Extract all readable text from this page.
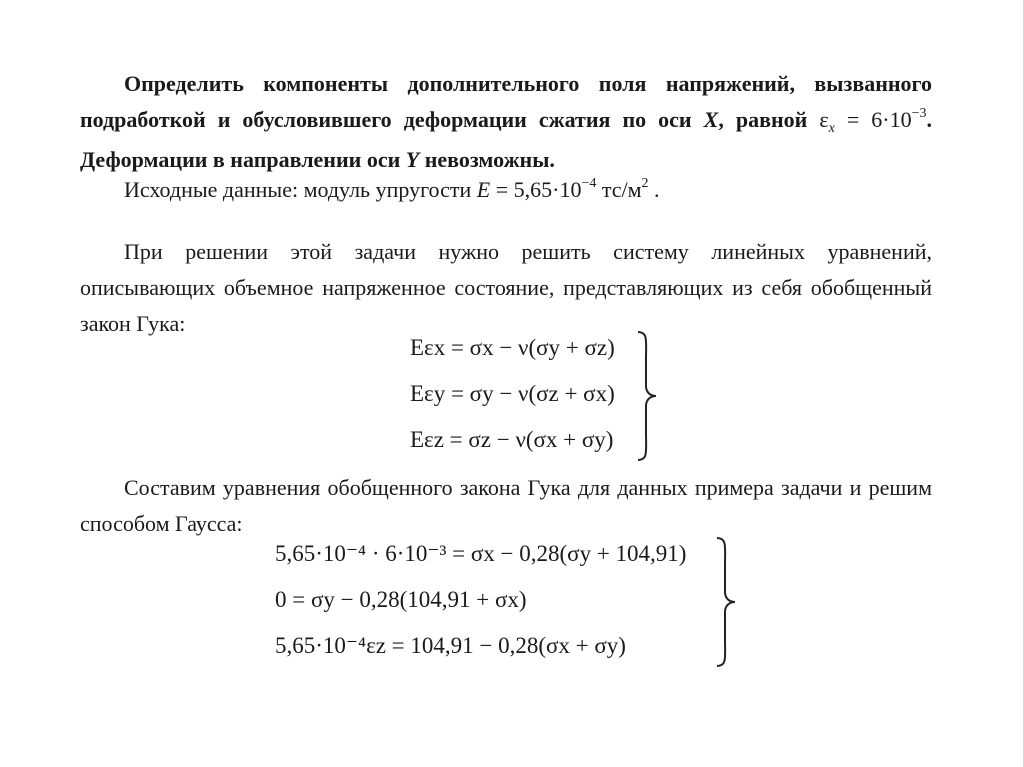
Определить компоненты дополнительного поля напряжений, вызванного подработкой и обусловившего деформации сжатия по оси X, равной $\varepsilon_x = 6\cdot 10^{-3}$. Деформации в направлении оси Y невозможны.
Исходные данные: модуль упругости $E = 5,65\cdot 10^{-4}$ $тс/м^2$ .
При решении этой задачи нужно решить систему линейных уравнений, описывающих объемное напряженное состояние, представляющих из себя обобщенный закон Гука:
Eεx = σx − ν(σy + σz)
Eεy = σy − ν(σz + σx)
Eεz = σz − ν(σx + σy)
Составим уравнения обобщенного закона Гука для данных примера задачи и решим способом Гаусса:
5,65·10⁻⁴ · 6·10⁻³ = σx − 0,28(σy + 104,91)
0 = σy − 0,28(104,91 + σx)
5,65·10⁻⁴εz = 104,91 − 0,28(σx + σy)
